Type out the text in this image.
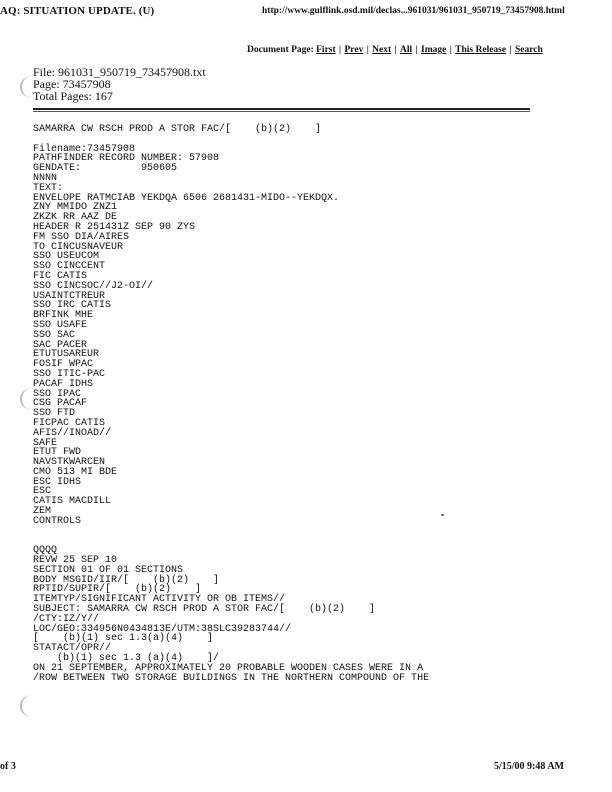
AQ: SITUATION UPDATE. (U)	http://www.gulflink.osd.mil/declas...961031/961031_950719_73457908.html
Document Page: First | Prev | Next | All | Image | This Release | Search
File: 961031_950719_73457908.txt
Page: 73457908
Total Pages: 167
SAMARRA CW RSCH PROD A STOR FAC/[    (b)(2)    ]
Filename:73457908
PATHFINDER RECORD NUMBER: 57908
GENDATE:          950605
NNNN
TEXT:
ENVELOPE RATMCIAB YEKDQA 6506 2681431-MIDO--YEKDQX.
ZNY MMIDO ZNZ1
ZKZK RR AAZ DE
HEADER R 251431Z SEP 90 ZYS
FM SSO DIA/AIRES
TO CINCUSNAVEUR
SSO USEUCOM
SSO CINCCENT
FIC CATIS
SSO CINCSOC//J2-OI//
USAINTCTREUR
SSO IRC CATIS
BRFINK MHE
SSO USAFE
SSO SAC
SAC PACER
ETUTUSAREUR
FOSIF WPAC
SSO ITIC-PAC
PACAF IDHS
SSO IPAC
CSG PACAF
SSO FTD
FICPAC CATIS
AFIS//INOAD//
SAFE
ETUT FWD
NAVSTKWARCEN
CMO 513 MI BDE
ESC IDHS
ESC
CATIS MACDILL
ZEM
CONTROLS
QQQQ
REVW 25 SEP 10
SECTION 01 OF 01 SECTIONS
BODY MSGID/IIR/[    (b)(2)    ]
RPTID/SUPIR/[    (b)(2)    ]
ITEMTYP/SIGNIFICANT ACTIVITY OR OB ITEMS//
SUBJECT: SAMARRA CW RSCH PROD A STOR FAC/[    (b)(2)    ]
/CTY:IZ/Y//
LOC/GEO:334956N0434813E/UTM:38SLC39283744//
[    (b)(1) sec 1.3(a)(4)    ]
STATACT/OPR//
(b)(1) sec 1.3 (a)(4)    ]/
ON 21 SEPTEMBER, APPROXIMATELY 20 PROBABLE WOODEN CASES WERE IN A
/ROW BETWEEN TWO STORAGE BUILDINGS IN THE NORTHERN COMPOUND OF THE
of 3	5/15/00 9:48 AM
